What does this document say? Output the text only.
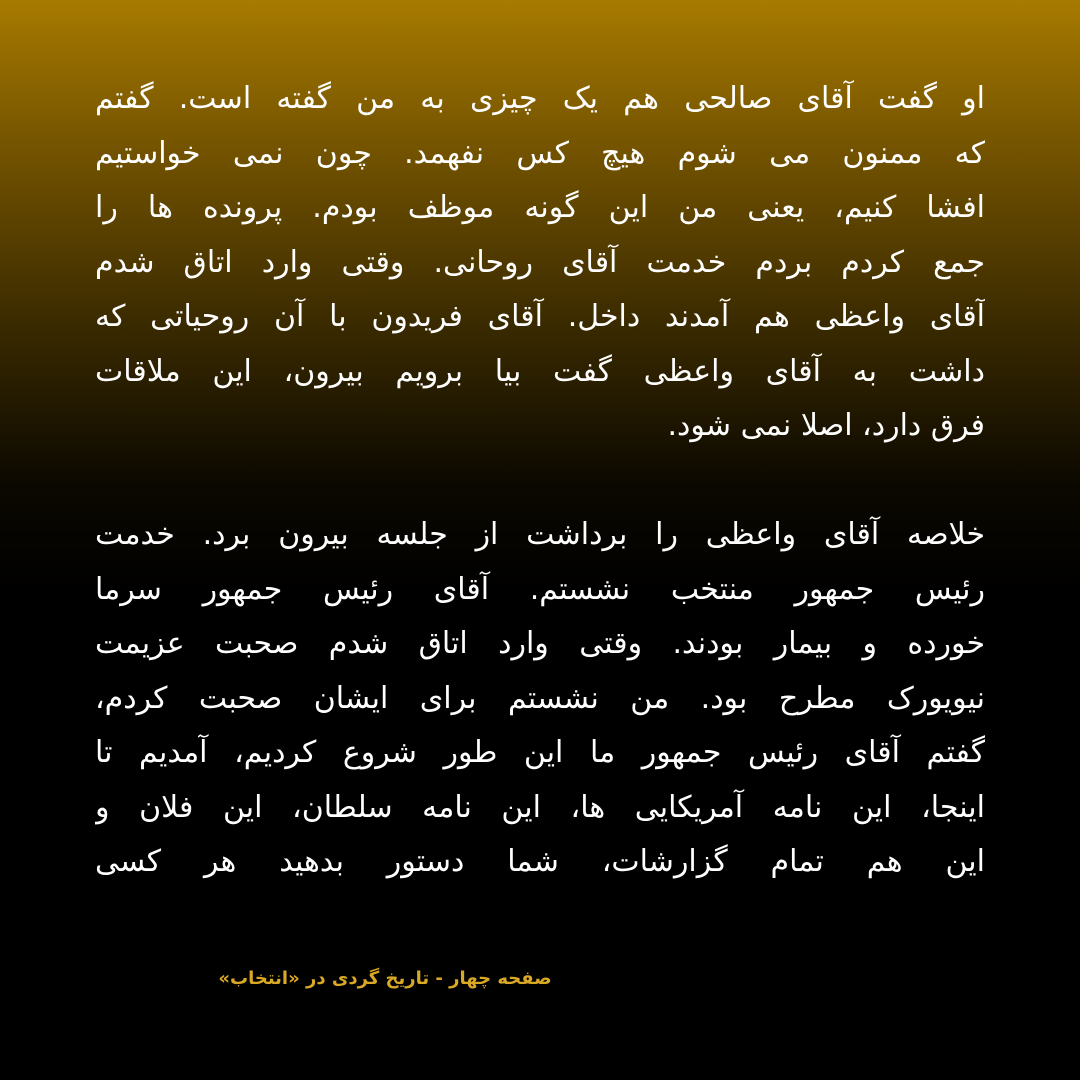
او گفت آقای صالحی هم یک چیزی به من گفته است. گفتم
که ممنون می شوم هیچ کس نفهمد. چون نمی خواستیم
افشا کنیم، یعنی من این گونه موظف بودم. پرونده ها را
جمع کردم بردم خدمت آقای روحانی. وقتی وارد اتاق شدم
آقای واعظی هم آمدند داخل. آقای فریدون با آن روحیاتی که
داشت به آقای واعظی گفت بیا برویم بیرون، این ملاقات
فرق دارد، اصلا نمی شود.
خلاصه آقای واعظی را برداشت از جلسه بیرون برد. خدمت
رئیس جمهور منتخب نشستم. آقای رئیس جمهور سرما
خورده و بیمار بودند. وقتی وارد اتاق شدم صحبت عزیمت
نیویورک مطرح بود. من نشستم برای ایشان صحبت کردم،
گفتم آقای رئیس جمهور ما این طور شروع کردیم، آمدیم تا
اینجا، این نامه آمریکایی ها، این نامه سلطان، این فلان و
این هم تمام گزارشات، شما دستور بدهید هر کسی
صفحه چهار - تاریخ گردی در «انتخاب»
